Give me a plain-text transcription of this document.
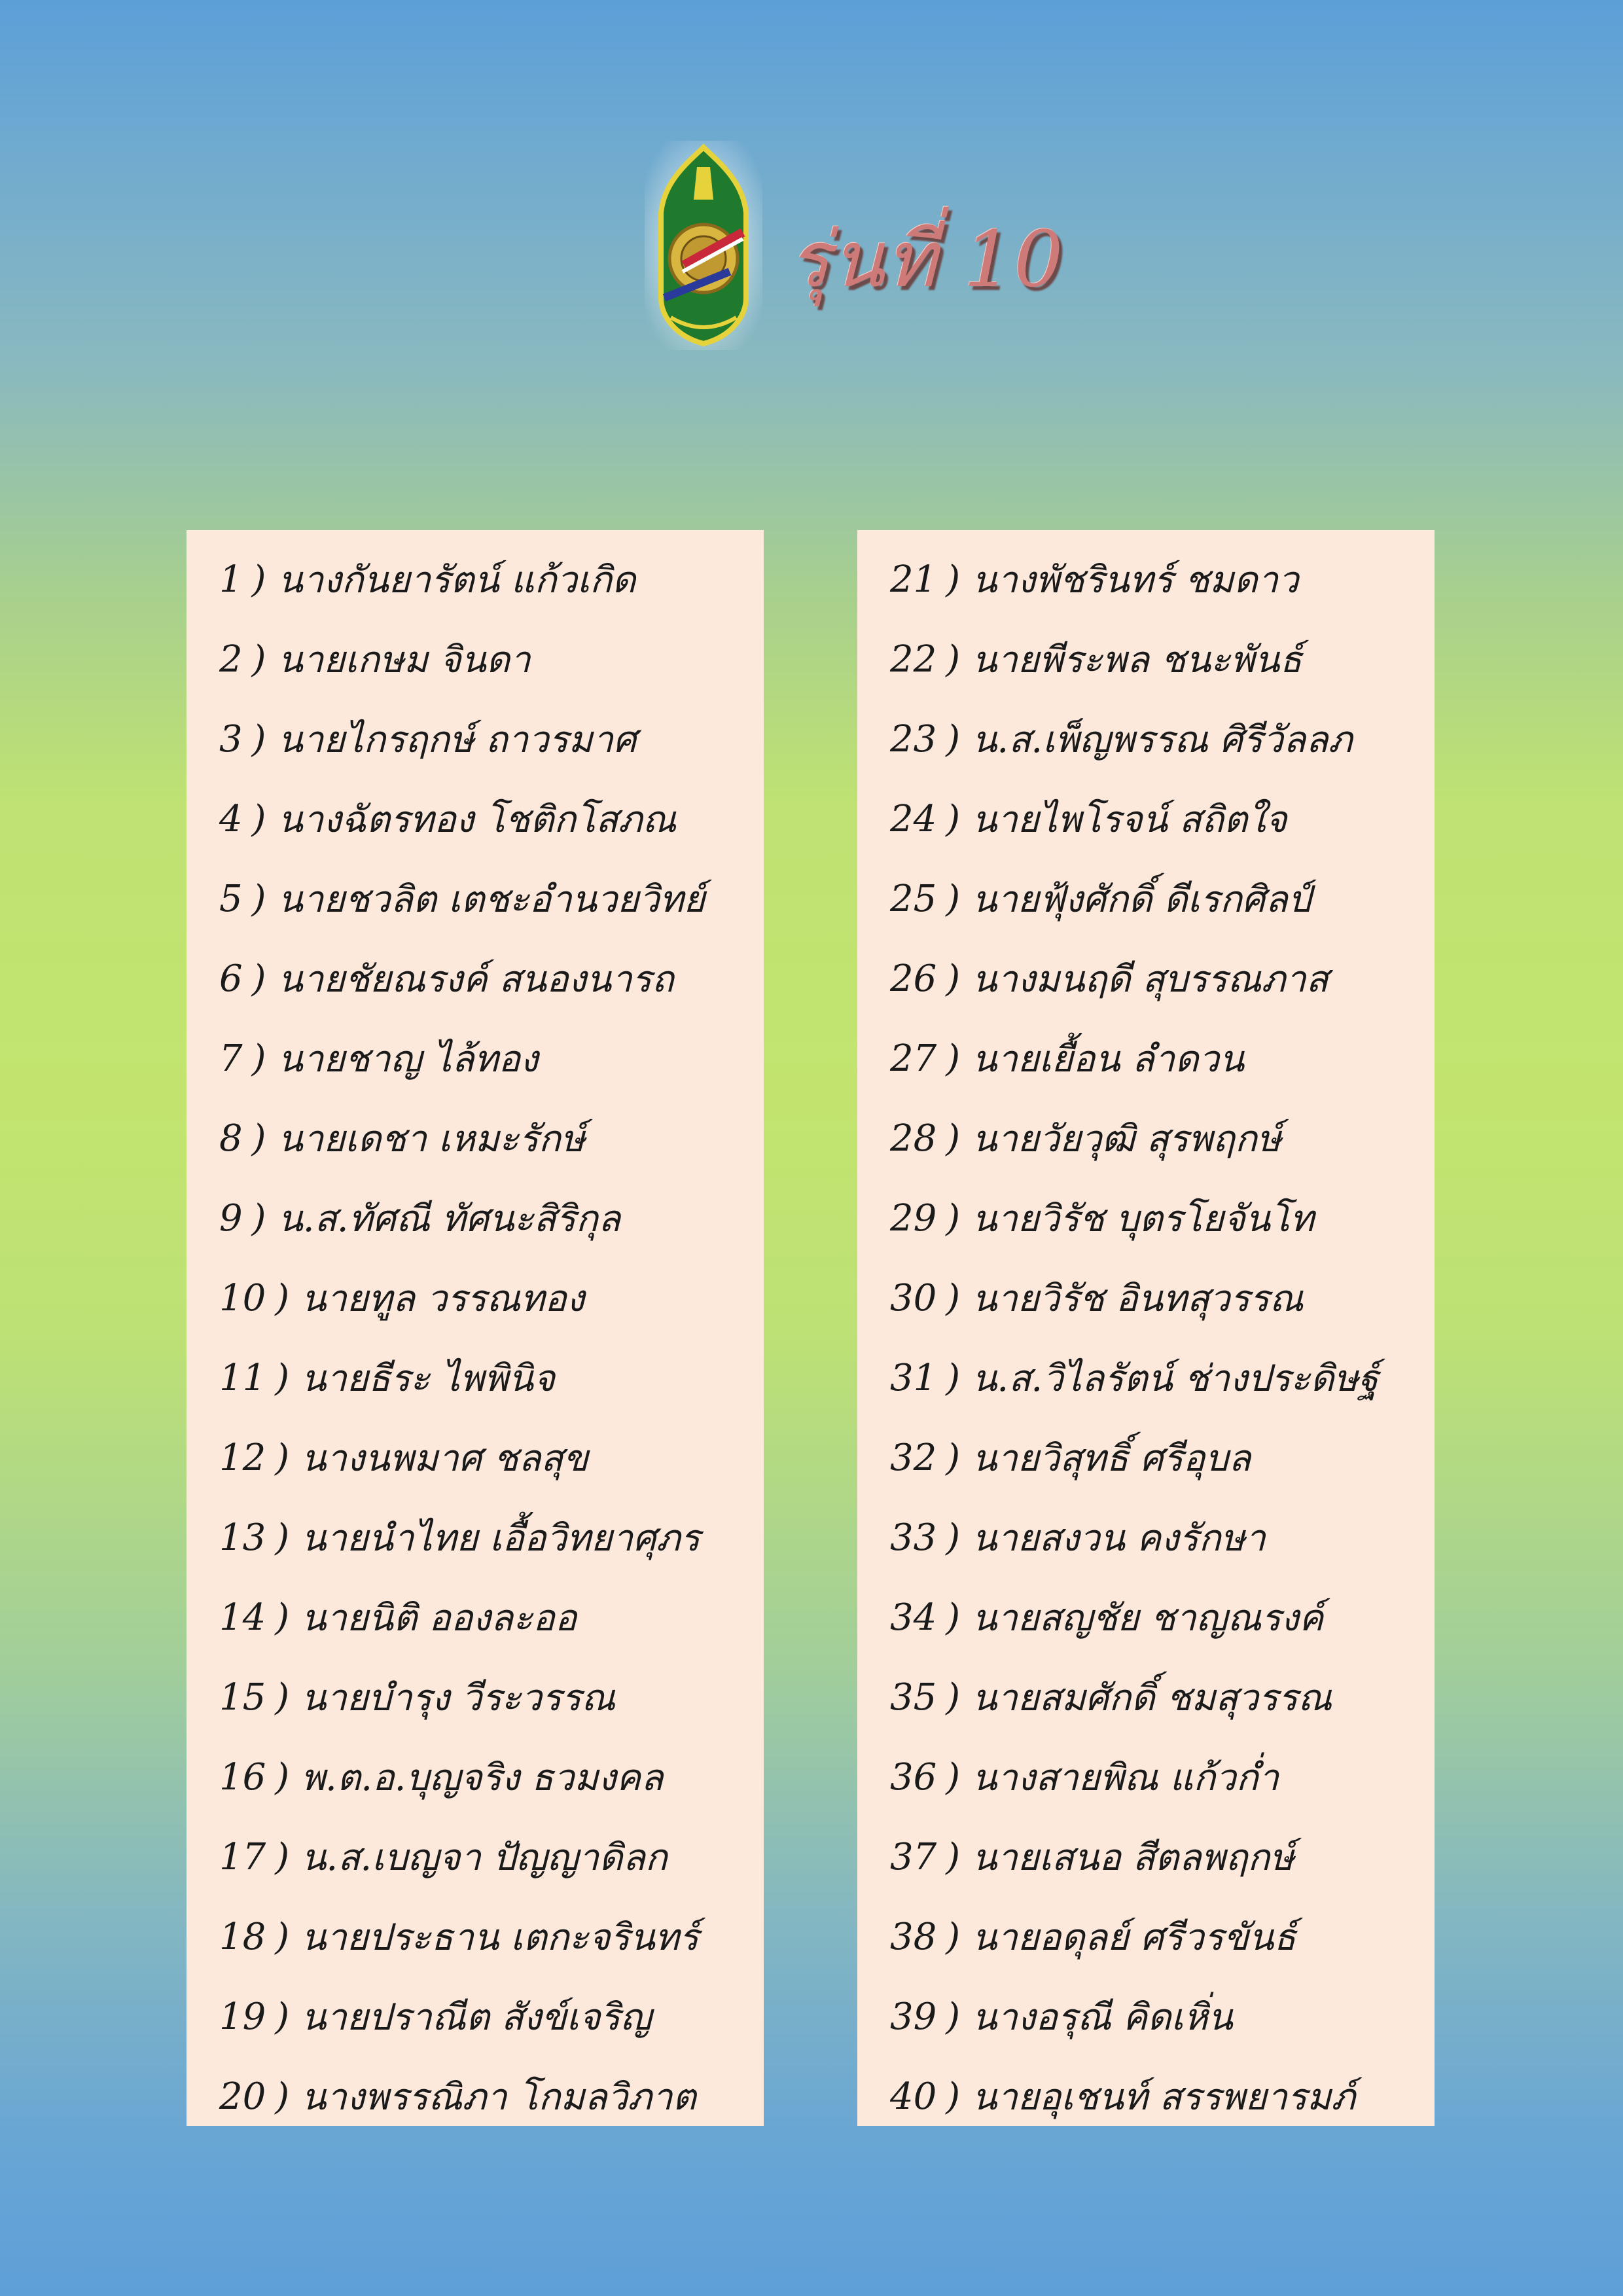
รุ่นที่ 10
1 ) นางกันยารัตน์ แก้วเกิด
2 ) นายเกษม จินดา
3 ) นายไกรฤกษ์ ถาวรมาศ
4 ) นางฉัตรทอง โชติกโสภณ
5 ) นายชวลิต เตชะอำนวยวิทย์
6 ) นายชัยณรงค์ สนองนารถ
7 ) นายชาญ ไล้ทอง
8 ) นายเดชา เหมะรักษ์
9 ) น.ส.ทัศณี ทัศนะสิริกุล
10 ) นายทูล วรรณทอง
11 ) นายธีระ ไพพินิจ
12 ) นางนพมาศ ชลสุข
13 ) นายนำไทย เอื้อวิทยาศุภร
14 ) นายนิติ อองละออ
15 ) นายบำรุง วีระวรรณ
16 ) พ.ต.อ.บุญจริง ธวมงคล
17 ) น.ส.เบญจา ปัญญาดิลก
18 ) นายประธาน เตกะจรินทร์
19 ) นายปราณีต สังข์เจริญ
20 ) นางพรรณิภา โกมลวิภาต
21 ) นางพัชรินทร์ ชมดาว
22 ) นายพีระพล ชนะพันธ์
23 ) น.ส.เพ็ญพรรณ ศิรีวัลลภ
24 ) นายไพโรจน์ สถิตใจ
25 ) นายฟุ้งศักดิ์ ดีเรกศิลป์
26 ) นางมนฤดี สุบรรณภาส
27 ) นายเยื้อน ลำดวน
28 ) นายวัยวุฒิ สุรพฤกษ์
29 ) นายวิรัช บุตรโยจันโท
30 ) นายวิรัช อินทสุวรรณ
31 ) น.ส.วิไลรัตน์ ช่างประดิษฐ์
32 ) นายวิสุทธิ์ ศรีอุบล
33 ) นายสงวน คงรักษา
34 ) นายสญชัย ชาญณรงค์
35 ) นายสมศักดิ์ ชมสุวรรณ
36 ) นางสายพิณ แก้วก่ำ
37 ) นายเสนอ สีตลพฤกษ์
38 ) นายอดุลย์ ศรีวรขันธ์
39 ) นางอรุณี คิดเหิ่น
40 ) นายอุเชนท์ สรรพยารมภ์
